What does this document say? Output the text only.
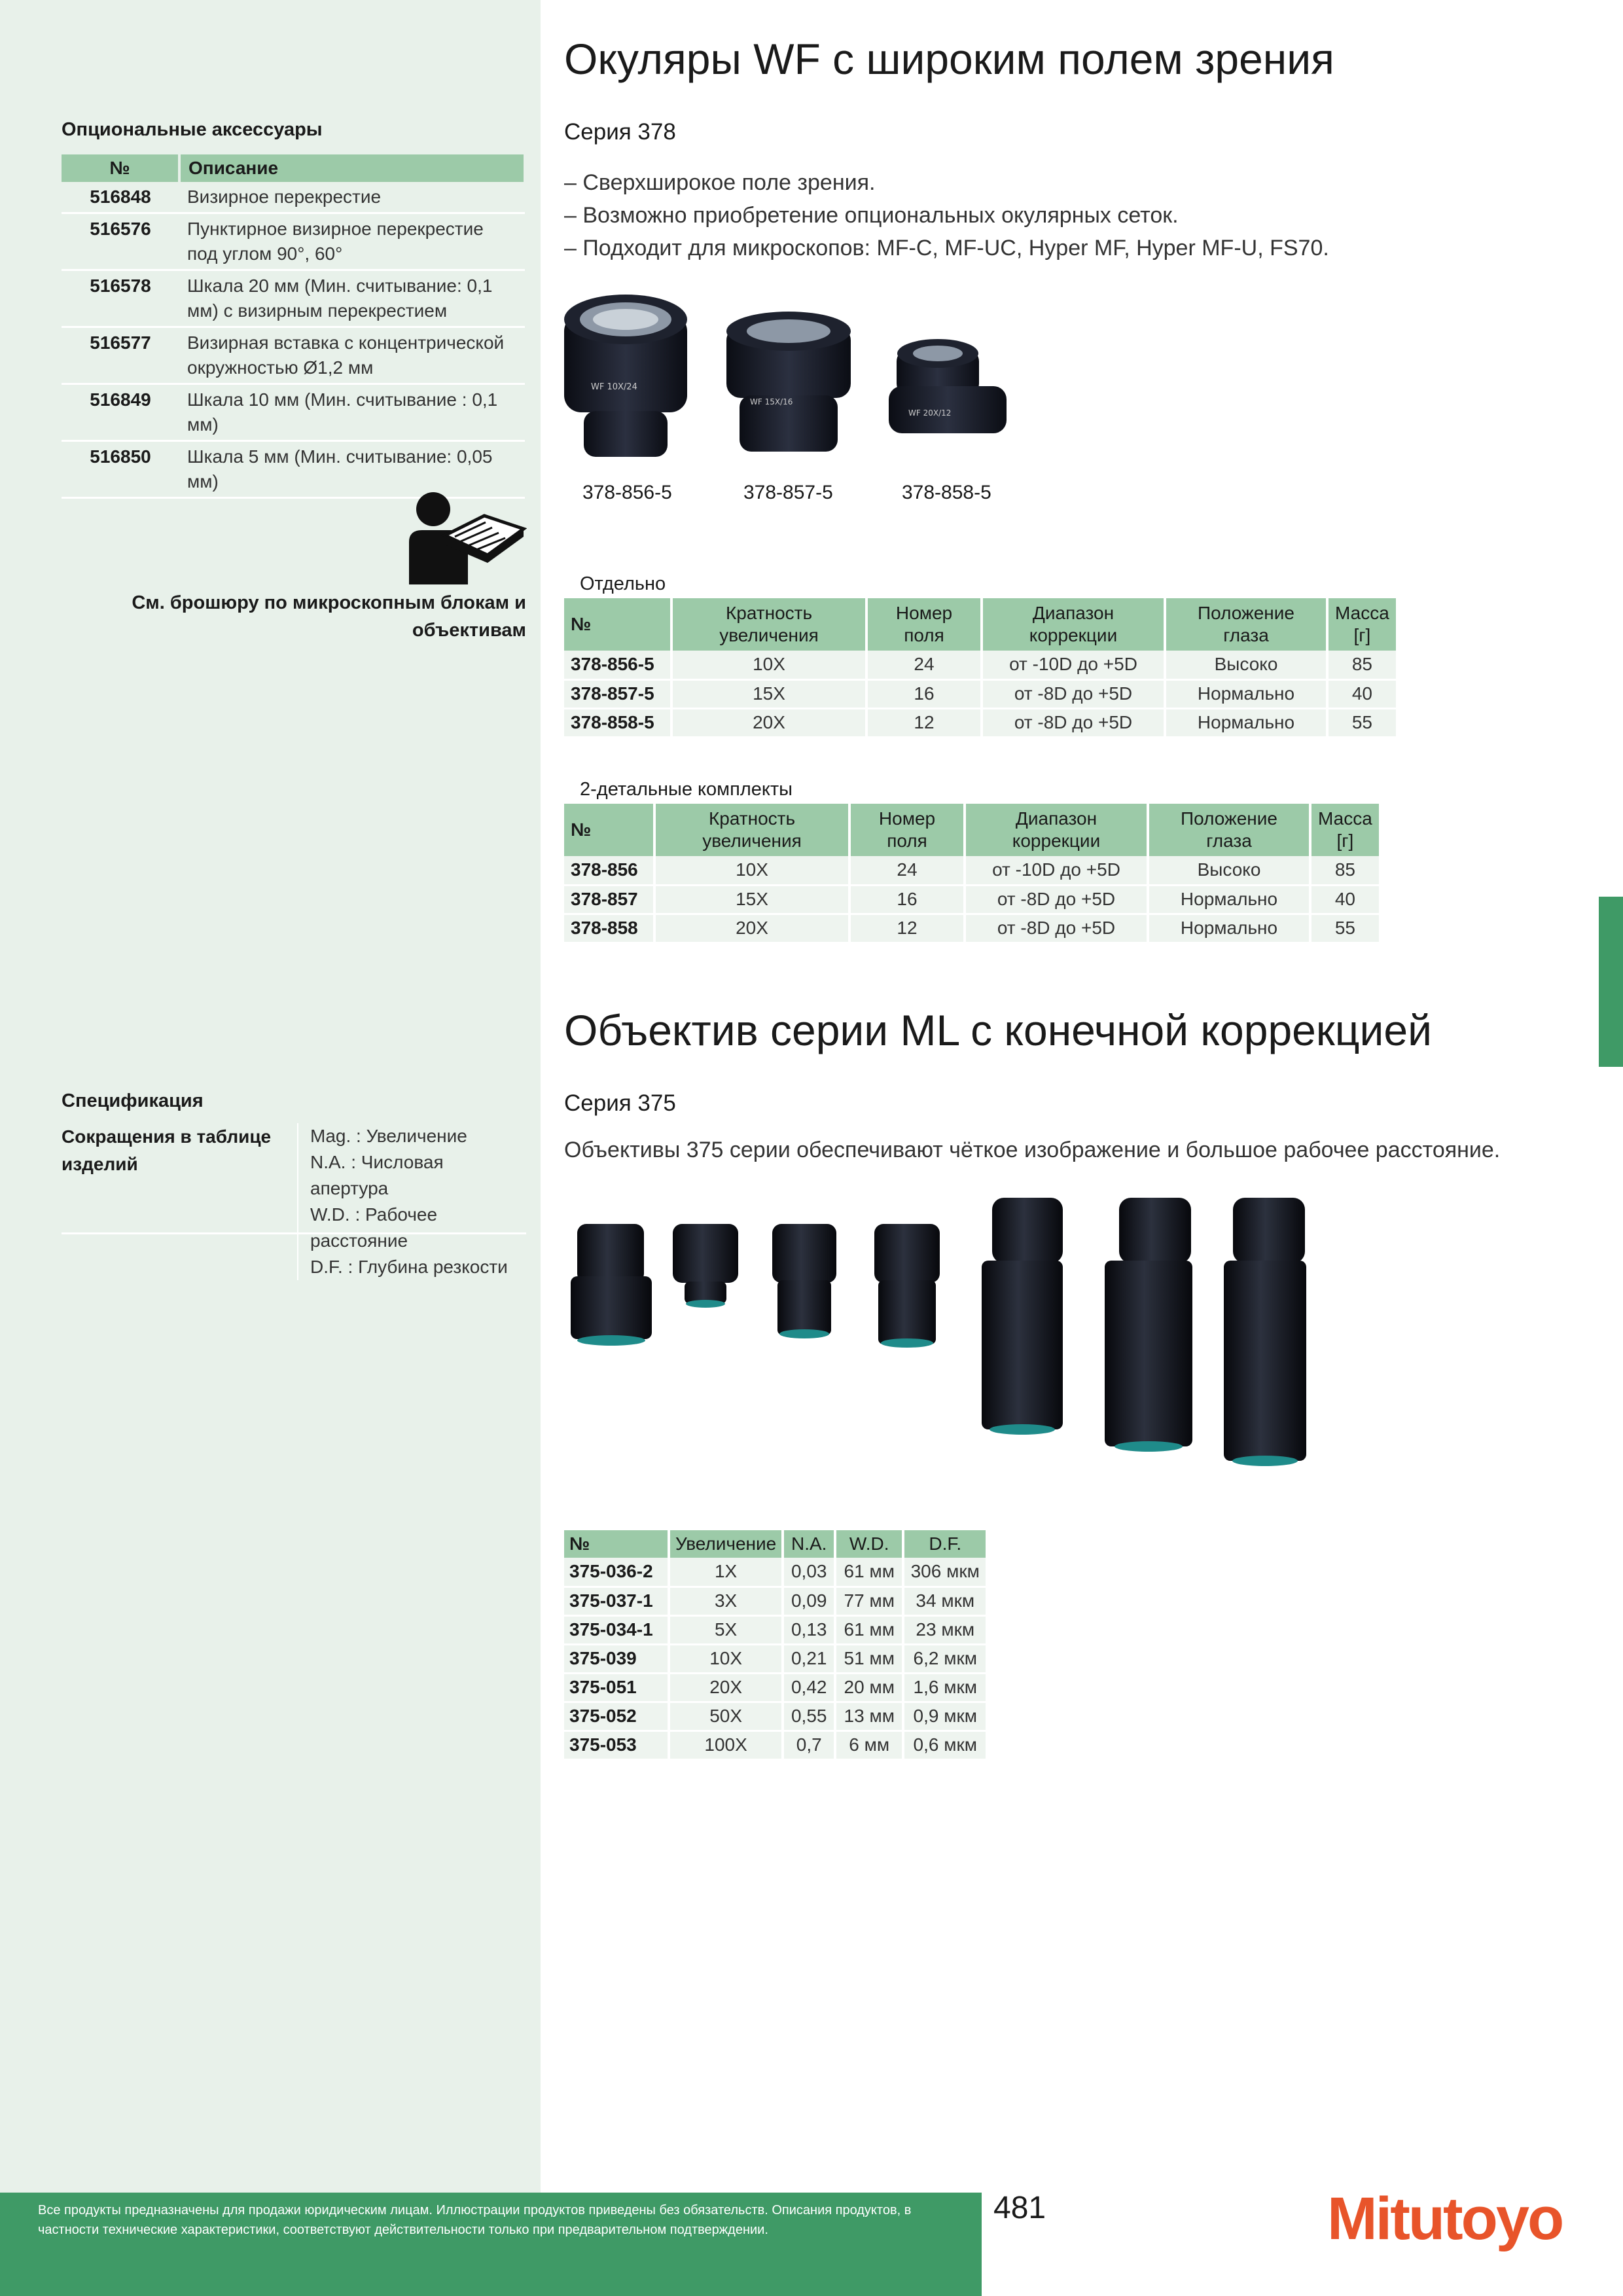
Опциональные аксессуары
№	Описание
516848	Визирное перекрестие
516576	Пунктирное визирное перекрестие под углом 90°, 60°
516578	Шкала 20 мм (Мин. считывание: 0,1 мм) с визирным перекрестием
516577	Визирная вставка с концентрической окружностью Ø1,2 мм
516849	Шкала 10 мм (Мин. считывание : 0,1 мм)
516850	Шкала 5 мм (Мин. считывание: 0,05 мм)
См. брошюру по микроскопным блокам и объективам
Спецификация
Сокращения в таблице изделий
Mag. : Увеличение
N.A. : Числовая апертура
W.D. : Рабочее расстояние
D.F. : Глубина резкости
Окуляры WF с широким полем зрения
Серия 378
– Сверхширокое поле зрения.
– Возможно приобретение опциональных окулярных сеток.
– Подходит для микроскопов: MF-C, MF-UC, Hyper MF, Hyper MF-U, FS70.
WF 10X/24
WF 15X/16
WF 20X/12
378-856-5	378-857-5	378-858-5
Отдельно
№	Кратность увеличения	Номер поля	Диапазон коррекции	Положение глаза	Масса [г]
378-856-5	10X	24	от -10D до +5D	Высоко	85
378-857-5	15X	16	от -8D до +5D	Нормально	40
378-858-5	20X	12	от -8D до +5D	Нормально	55
2-детальные комплекты
№	Кратность увеличения	Номер поля	Диапазон коррекции	Положение глаза	Масса [г]
378-856	10X	24	от -10D до +5D	Высоко	85
378-857	15X	16	от -8D до +5D	Нормально	40
378-858	20X	12	от -8D до +5D	Нормально	55
Объектив серии ML с конечной коррекцией
Серия 375
Объективы 375 серии обеспечивают чёткое изображение и большое рабочее расстояние.
№	Увеличение	N.A.	W.D.	D.F.
375-036-2	1X	0,03	61 мм	306 мкм
375-037-1	3X	0,09	77 мм	34 мкм
375-034-1	5X	0,13	61 мм	23 мкм
375-039	10X	0,21	51 мм	6,2 мкм
375-051	20X	0,42	20 мм	1,6 мкм
375-052	50X	0,55	13 мм	0,9 мкм
375-053	100X	0,7	6 мм	0,6 мкм
Все продукты предназначены для продажи юридическим лицам. Иллюстрации продуктов приведены без обязательств. Описания продуктов, в частности технические характеристики, соответствуют действительности только при предварительном подтверждении.
481	Mitutoyo
